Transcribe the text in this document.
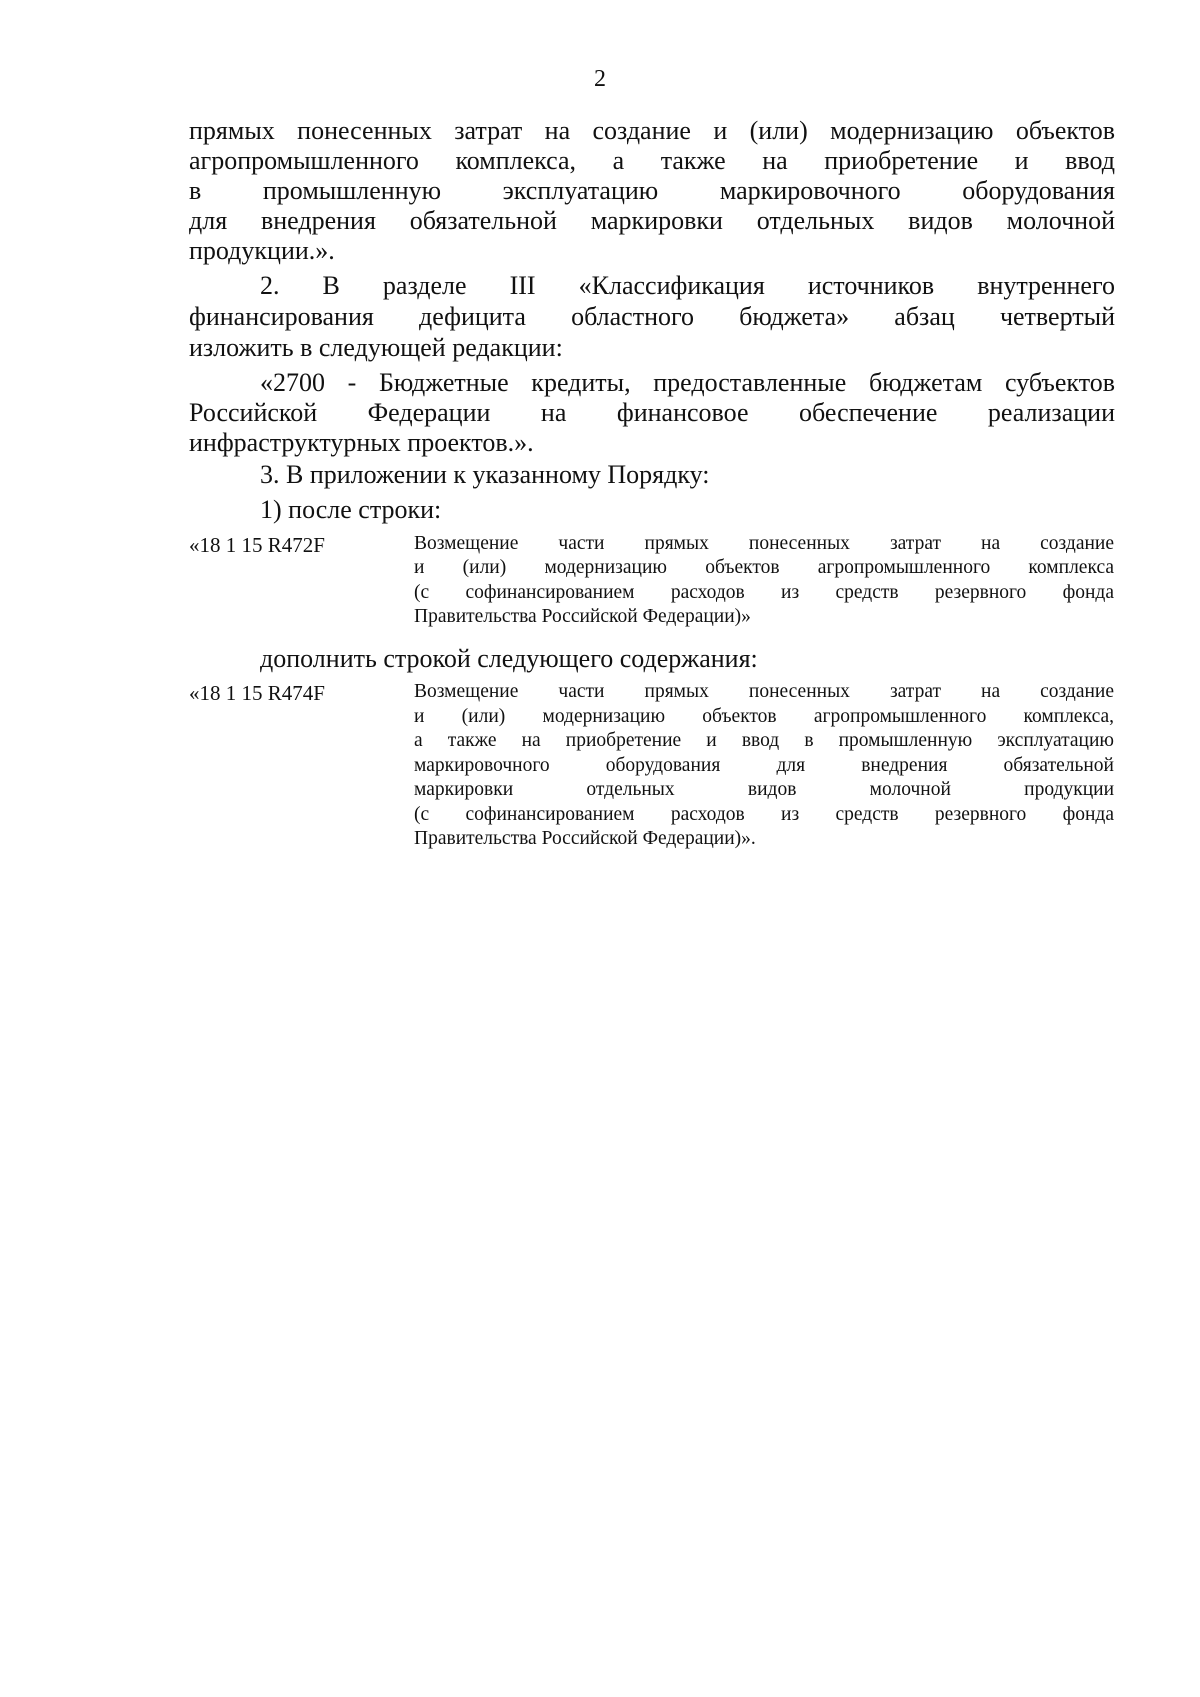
2
прямых понесенных затрат на создание и (или) модернизацию объектов
агропромышленного комплекса, а также на приобретение и ввод
в промышленную эксплуатацию маркировочного оборудования
для внедрения обязательной маркировки отдельных видов молочной
продукции.».
2. В разделе III «Классификация источников внутреннего
финансирования дефицита областного бюджета» абзац четвертый
изложить в следующей редакции:
«2700 - Бюджетные кредиты, предоставленные бюджетам субъектов
Российской Федерации на финансовое обеспечение реализации
инфраструктурных проектов.».
3. В приложении к указанному Порядку:
1) после строки:
«18 1 15 R472F	Возмещение части прямых понесенных затрат на создание
и (или) модернизацию объектов агропромышленного комплекса
(с софинансированием расходов из средств резервного фонда
Правительства Российской Федерации)»
дополнить строкой следующего содержания:
«18 1 15 R474F	Возмещение части прямых понесенных затрат на создание
и (или) модернизацию объектов агропромышленного комплекса,
а также на приобретение и ввод в промышленную эксплуатацию
маркировочного оборудования для внедрения обязательной
маркировки отдельных видов молочной продукции
(с софинансированием расходов из средств резервного фонда
Правительства Российской Федерации)».
